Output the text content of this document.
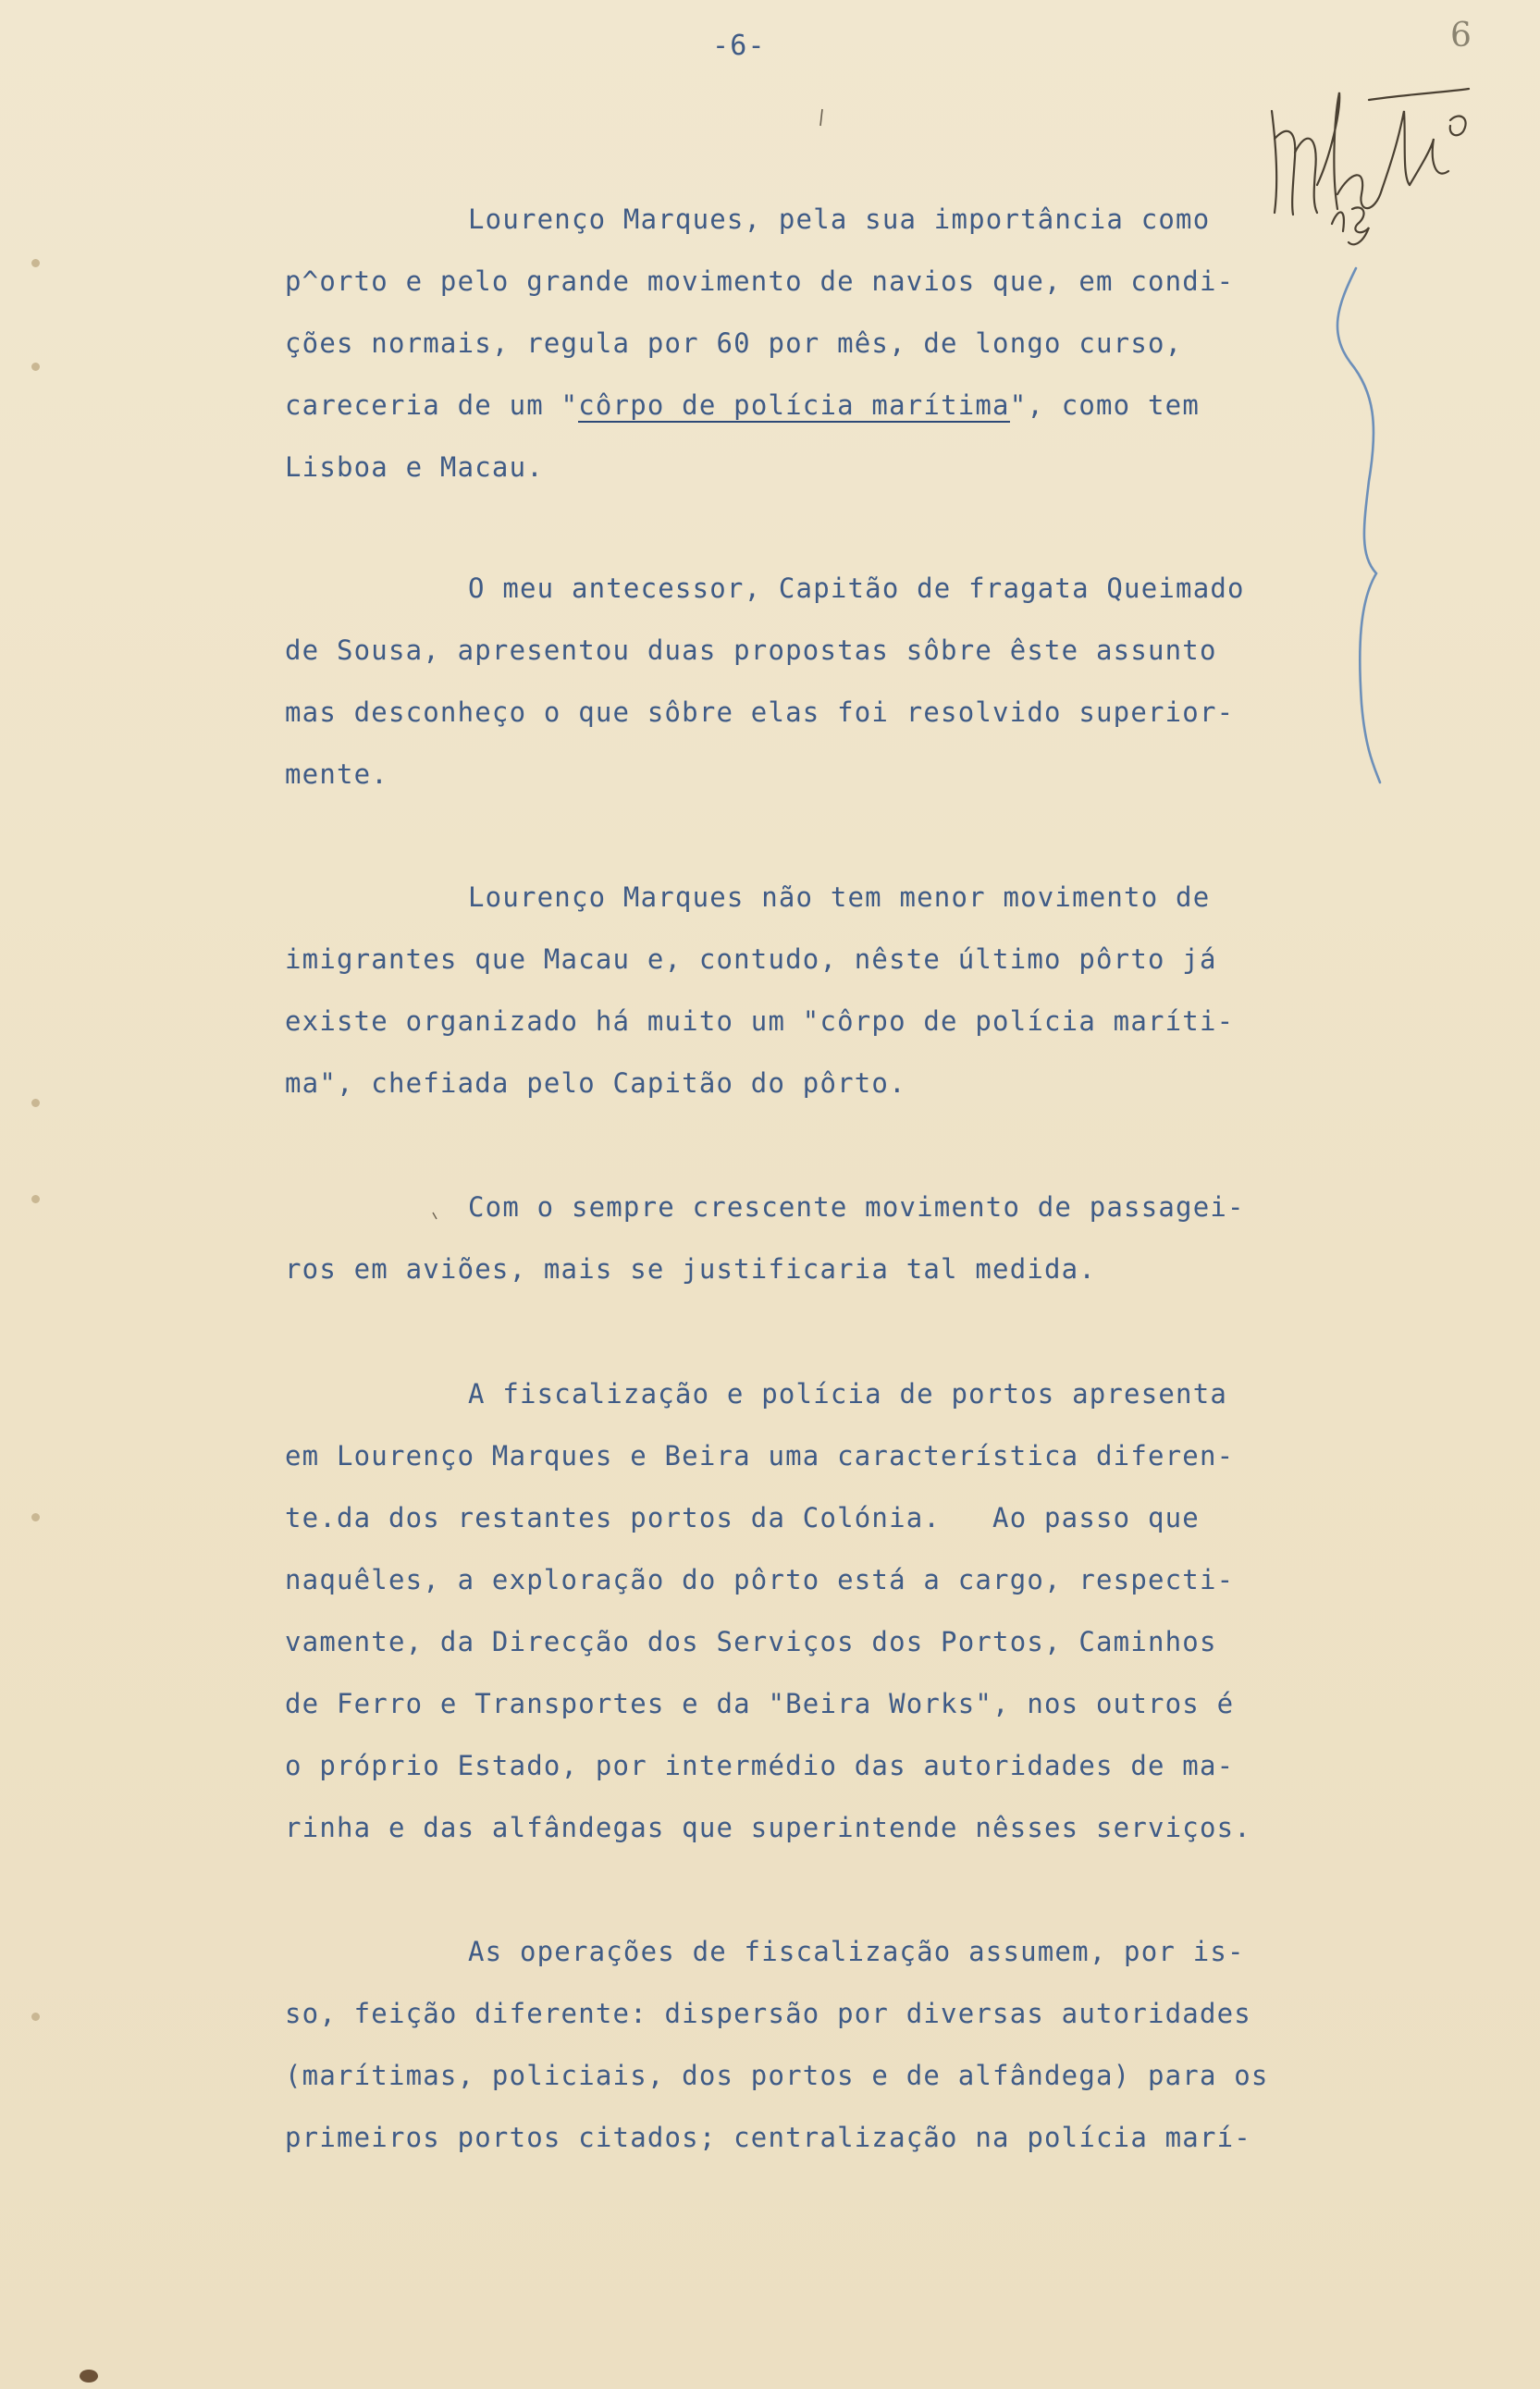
-6-	6
Lourenço Marques, pela sua importância como
p^orto e pelo grande movimento de navios que, em condi-
ções normais, regula por 60 por mês, de longo curso,
careceria de um "côrpo de polícia marítima", como tem
Lisboa e Macau.
O meu antecessor, Capitão de fragata Queimado
de Sousa, apresentou duas propostas sôbre êste assunto
mas desconheço o que sôbre elas foi resolvido superior-
mente.
Lourenço Marques não tem menor movimento de
imigrantes que Macau e, contudo, nêste último pôrto já
existe organizado há muito um "côrpo de polícia maríti-
ma", chefiada pelo Capitão do pôrto.
Com o sempre crescente movimento de passagei-
ros em aviões, mais se justificaria tal medida.
A fiscalização e polícia de portos apresenta
em Lourenço Marques e Beira uma característica diferen-
te.da dos restantes portos da Colónia.   Ao passo que
naquêles, a exploração do pôrto está a cargo, respecti-
vamente, da Direcção dos Serviços dos Portos, Caminhos
de Ferro e Transportes e da "Beira Works", nos outros é
o próprio Estado, por intermédio das autoridades de ma-
rinha e das alfândegas que superintende nêsses serviços.
As operações de fiscalização assumem, por is-
so, feição diferente: dispersão por diversas autoridades
(marítimas, policiais, dos portos e de alfândega) para os
primeiros portos citados; centralização na polícia marí-
